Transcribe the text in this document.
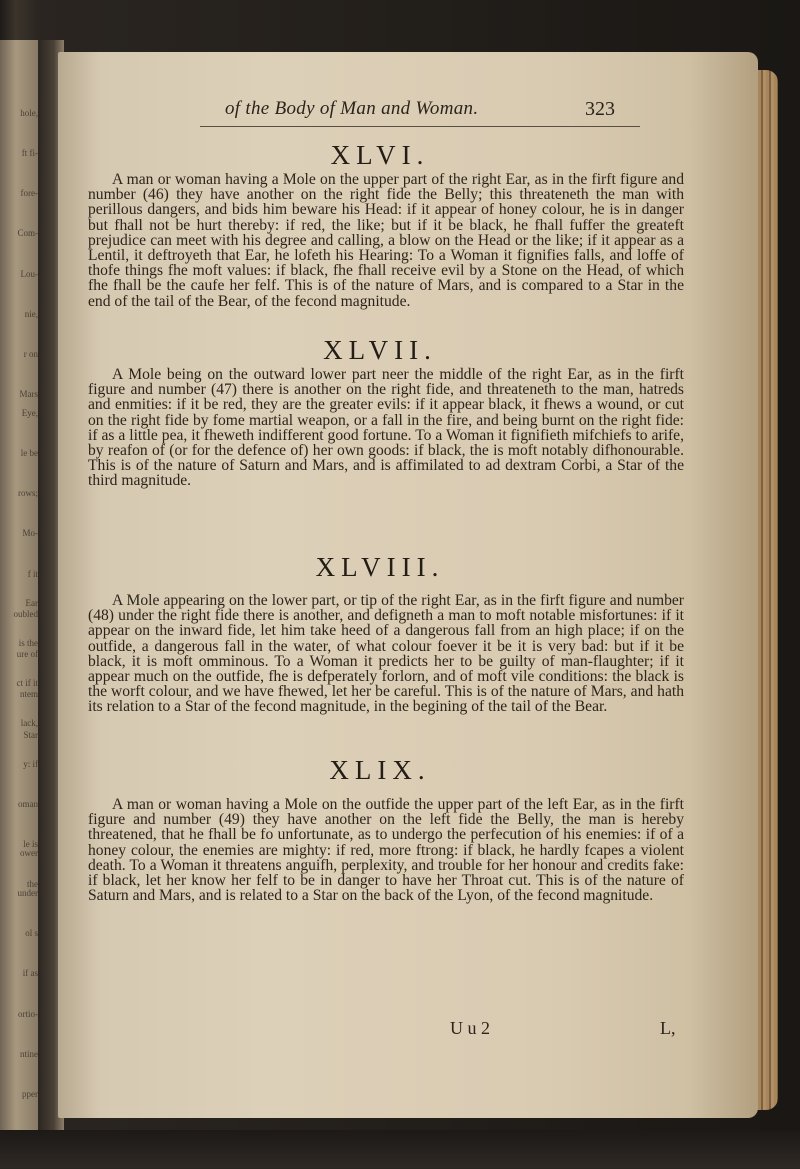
hole,

ft fi-

fore-

Com-

Lou-

nie,

r on

Mars

Eye,

le be

rows;

Mo-

f it

oubled

ure of

ntem

Star

Ear

is the

ct if it

lack,

y: if

oman

le is

the

ower

under

ol s

if as

ortio-

ntine

pper

of the Body of Man and Woman.	323
XLVI.
A man or woman having a Mole on the upper part of the right Ear, as in the firft figure and number (46) they have another on the right fide the Belly; this threateneth the man with perillous dangers, and bids him beware his Head: if it appear of honey colour, he is in danger but fhall not be hurt thereby: if red, the like; but if it be black, he fhall fuffer the greateft prejudice can meet with his degree and calling, a blow on the Head or the like; if it appear as a Lentil, it deftroyeth that Ear, he lofeth his Hearing: To a Woman it fignifies falls, and loffe of thofe things fhe moft values: if black, fhe fhall receive evil by a Stone on the Head, of which fhe fhall be the caufe her felf. This is of the nature of Mars, and is compared to a Star in the end of the tail of the Bear, of the fecond magnitude.
XLVII.
A Mole being on the outward lower part neer the middle of the right Ear, as in the firft figure and number (47) there is another on the right fide, and threateneth to the man, hatreds and enmities: if it be red, they are the greater evils: if it appear black, it fhews a wound, or cut on the right fide by fome martial weapon, or a fall in the fire, and being burnt on the right fide: if as a little pea, it fheweth indifferent good fortune. To a Woman it fignifieth mifchiefs to arife, by reafon of (or for the defence of) her own goods: if black, the is moft notably difhonourable. This is of the nature of Saturn and Mars, and is affimilated to ad dextram Corbi, a Star of the third magnitude.
XLVIII.
A Mole appearing on the lower part, or tip of the right Ear, as in the firft figure and number (48) under the right fide there is another, and defigneth a man to moft notable misfortunes: if it appear on the inward fide, let him take heed of a dangerous fall from an high place; if on the outfide, a dangerous fall in the water, of what colour foever it be it is very bad: but if it be black, it is moft omminous. To a Woman it predicts her to be guilty of man-flaughter; if it appear much on the outfide, fhe is defperately forlorn, and of moft vile conditions: the black is the worft colour, and we have fhewed, let her be careful. This is of the nature of Mars, and hath its relation to a Star of the fecond magnitude, in the begining of the tail of the Bear.
XLIX.
A man or woman having a Mole on the outfide the upper part of the left Ear, as in the firft figure and number (49) they have another on the left fide the Belly, the man is hereby threatened, that he fhall be fo unfortunate, as to undergo the perfecution of his enemies: if of a honey colour, the enemies are mighty: if red, more ftrong: if black, he hardly fcapes a violent death. To a Woman it threatens anguifh, perplexity, and trouble for her honour and credits fake: if black, let her know her felf to be in danger to have her Throat cut. This is of the nature of Saturn and Mars, and is related to a Star on the back of the Lyon, of the fecond magnitude.
U u 2	L,
